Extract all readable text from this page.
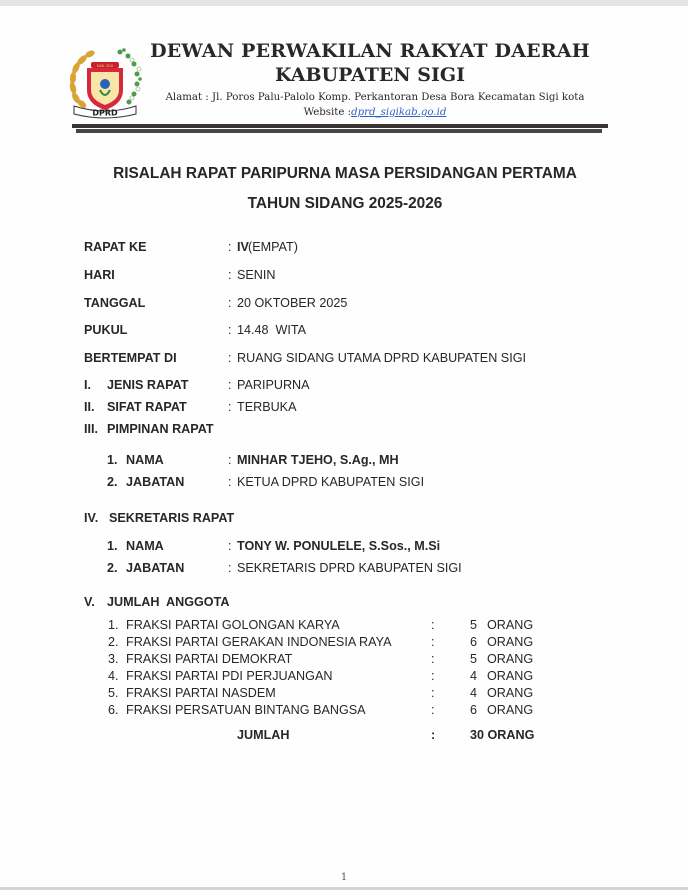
KAB. SIGI
DPRD
DEWAN PERWAKILAN RAKYAT DAERAH
KABUPATEN SIGI
Alamat : Jl. Poros Palu-Palolo Komp. Perkantoran Desa Bora Kecamatan Sigi kota
Website :dprd_sigikab.go.id
RISALAH RAPAT PARIPURNA MASA PERSIDANGAN PERTAMA
TAHUN SIDANG 2025-2026
RAPAT KE	: IV (EMPAT)
HARI	: SENIN
TANGGAL	: 20 OKTOBER 2025
PUKUL	: 14.48  WITA
BERTEMPAT DI	: RUANG SIDANG UTAMA DPRD KABUPATEN SIGI
I. JENIS RAPAT	: PARIPURNA
II. SIFAT RAPAT	: TERBUKA
III. PIMPINAN RAPAT
1. NAMA	: MINHAR TJEHO, S.Ag., MH
2. JABATAN	: KETUA DPRD KABUPATEN SIGI
IV. SEKRETARIS RAPAT
1. NAMA	: TONY W. PONULELE, S.Sos., M.Si
2. JABATAN	: SEKRETARIS DPRD KABUPATEN SIGI
V. JUMLAH  ANGGOTA
1. FRAKSI PARTAI GOLONGAN KARYA	:	5 ORANG
2. FRAKSI PARTAI GERAKAN INDONESIA RAYA	:	6 ORANG
3. FRAKSI PARTAI DEMOKRAT	:	5 ORANG
4. FRAKSI PARTAI PDI PERJUANGAN	:	4 ORANG
5. FRAKSI PARTAI NASDEM	:	4 ORANG
6. FRAKSI PERSATUAN BINTANG BANGSA	:	6 ORANG
JUMLAH	:	30 ORANG
1
